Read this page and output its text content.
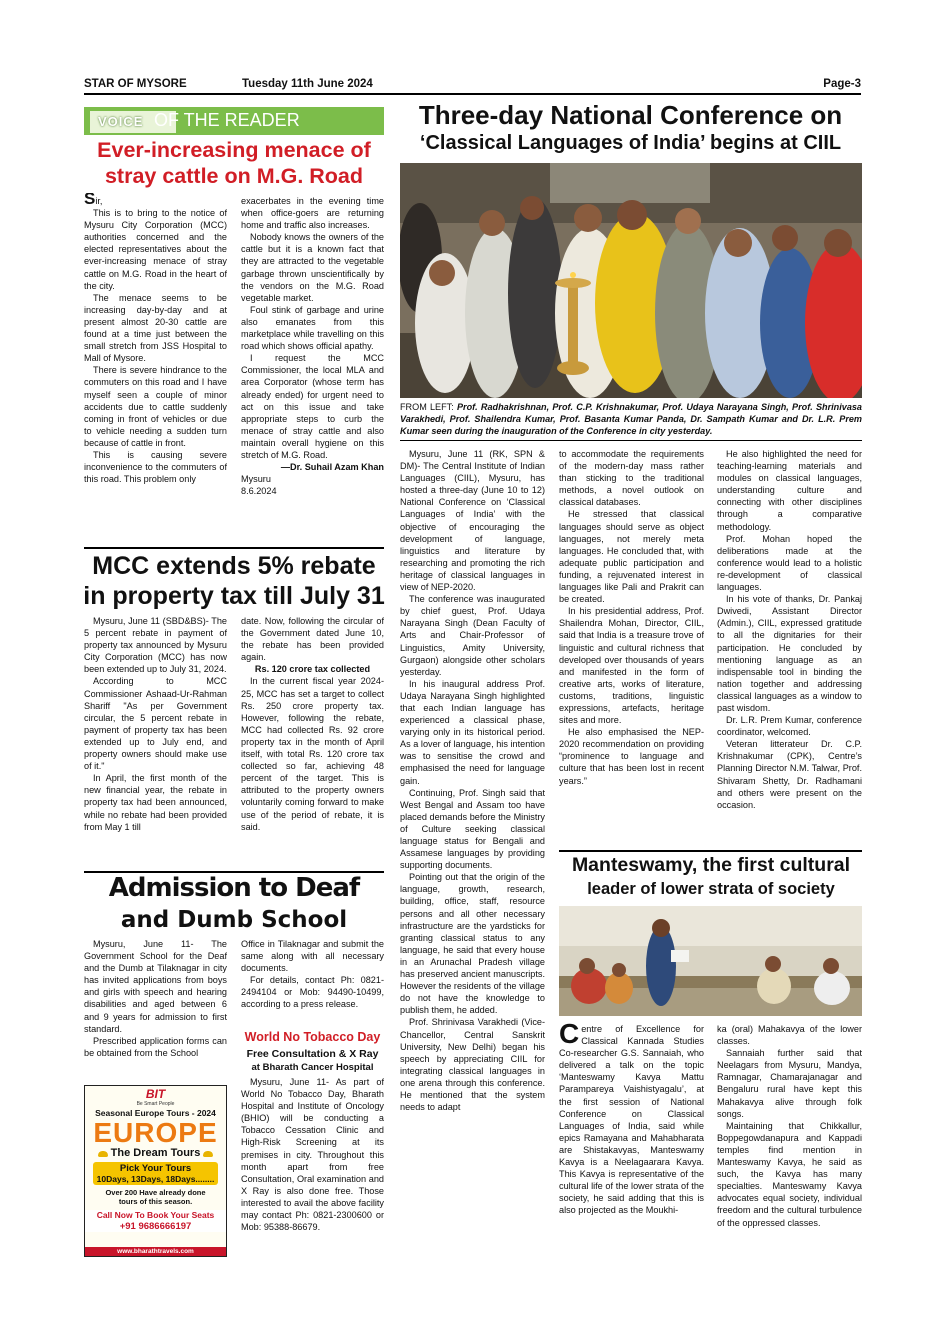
STAR OF MYSORE	Tuesday 11th June 2024	Page-3
VOICE OF THE READER
Ever-increasing menace of
stray cattle on M.G. Road

Sir,

This is to bring to the notice of Mysuru City Corporation (MCC) authorities concerned and the elected representatives about the ever-increasing menace of stray cattle on M.G. Road in the heart of the city.

The menace seems to be increasing day-by-day and at present almost 20-30 cattle are found at a time just between the small stretch from JSS Hospital to Mall of Mysore.

There is severe hindrance to the commuters on this road and I have myself seen a couple of minor accidents due to cattle suddenly coming in front of vehicles or due to vehicle needing a sudden turn because of cattle in front.

This is causing severe inconvenience to the commuters of this road. This problem only

exacerbates in the evening time when office-goers are returning home and traffic also increases.

Nobody knows the owners of the cattle but it is a known fact that they are attracted to the vegetable garbage thrown unscientifically by the vendors on the M.G. Road vegetable market.

Foul stink of garbage and urine also emanates from this marketplace while travelling on this road which shows official apathy.

I request the MCC Commissioner, the local MLA and area Corporator (whose term has already ended) for urgent need to act on this issue and take appropriate steps to curb the menace of stray cattle and also maintain overall hygiene on this stretch of M.G. Road.

—Dr. Suhail Azam Khan

Mysuru

8.6.2024

MCC extends 5% rebate
in property tax till July 31

Mysuru, June 11 (SBD&BS)- The 5 percent rebate in payment of property tax announced by Mysuru City Corporation (MCC) has now been extended up to July 31, 2024.

According to MCC Commissioner Ashaad-Ur-Rahman Shariff "As per Government circular, the 5 percent rebate in payment of property tax has been extended up to July end, and property owners should make use of it."

In April, the first month of the new financial year, the rebate in property tax had been announced, while no rebate had been provided from May 1 till

date. Now, following the circular of the Government dated June 10, the rebate has been provided again.

Rs. 120 crore tax collected

In the current fiscal year 2024-25, MCC has set a target to collect Rs. 250 crore property tax. However, following the rebate, MCC had collected Rs. 92 crore property tax in the month of April itself, with total Rs. 120 crore tax collected so far, achieving 48 percent of the target. This is attributed to the property owners voluntarily coming forward to make use of the period of rebate, it is said.

Admission to Deaf
and Dumb School

Mysuru, June 11- The Government School for the Deaf and the Dumb at Tilaknagar in city has invited applications from boys and girls with speech and hearing disabilities and aged between 6 and 9 years for admission to first standard.

Prescribed application forms can be obtained from the School

Office in Tilaknagar and submit the same along with all necessary documents.

For details, contact Ph: 0821-2494104 or Mob: 94490-10499, according to a press release.

World No Tobacco Day
Free Consultation & X Ray
at Bharath Cancer Hospital

Mysuru, June 11- As part of World No Tobacco Day, Bharath Hospital and Institute of Oncology (BHIO) will be conducting a Tobacco Cessation Clinic and High-Risk Screening at its premises in city. Throughout this month apart from free Consultation, Oral examination and X Ray is also done free. Those interested to avail the above facility may contact Ph: 0821-2300600 or Mob: 95388-86679.

BIT
Be Smart People
Seasonal Europe Tours - 2024
EUROPE
The Dream Tours
Pick Your Tours
10Days, 13Days, 18Days........
Over 200 Have already done
tours of this season.
Call Now To Book Your Seats
+91 9686666197
www.bharathtravels.com
Three-day National Conference on
‘Classical Languages of India’ begins at CIIL
FROM LEFT: Prof. Radhakrishnan, Prof. C.P. Krishnakumar, Prof. Udaya Narayana Singh, Prof. Shrinivasa Varakhedi, Prof. Shailendra Kumar, Prof. Basanta Kumar Panda, Dr. Sampath Kumar and Dr. L.R. Prem Kumar seen during the inauguration of the Conference in city yesterday.

Mysuru, June 11 (RK, SPN & DM)- The Central Institute of Indian Languages (CIIL), Mysuru, has hosted a three-day (June 10 to 12) National Conference on ‘Classical Languages of India’ with the objective of encouraging the development of language, linguistics and literature by researching and promoting the rich heritage of classical languages in view of NEP-2020.

The conference was inaugurated by chief guest, Prof. Udaya Narayana Singh (Dean Faculty of Arts and Chair-Professor of Linguistics, Amity University, Gurgaon) alongside other scholars yesterday.

In his inaugural address Prof. Udaya Narayana Singh highlighted that each Indian language has experienced a classical phase, varying only in its historical period. As a lover of language, his intention was to sensitise the crowd and emphasised the need for language gain.

Continuing, Prof. Singh said that West Bengal and Assam too have placed demands before the Ministry of Culture seeking classical language status for Bengali and Assamese languages by providing supporting documents.

Pointing out that the origin of the language, growth, research, building, office, staff, resource persons and all other necessary infrastructure are the yardsticks for granting classical status to any language, he said that every house in an Arunachal Pradesh village has preserved ancient manuscripts. However the residents of the village do not have the knowledge to publish them, he added.

Prof. Shrinivasa Varakhedi (Vice-Chancellor, Central Sanskrit University, New Delhi) began his speech by appreciating CIIL for integrating classical languages in one arena through this conference. He mentioned that the system needs to adapt

to accommodate the requirements of the modern-day mass rather than sticking to the traditional methods, a novel outlook on classical databases.

He stressed that classical languages should serve as object languages, not merely meta languages. He concluded that, with adequate public participation and funding, a rejuvenated interest in languages like Pali and Prakrit can be created.

In his presidential address, Prof. Shailendra Mohan, Director, CIIL, said that India is a treasure trove of linguistic and cultural richness that developed over thousands of years and manifested in the form of creative arts, works of literature, customs, traditions, linguistic expressions, artefacts, heritage sites and more.

He also emphasised the NEP-2020 recommendation on providing “prominence to language and culture that has been lost in recent years.”

He also highlighted the need for teaching-learning materials and modules on classical languages, understanding culture and connecting with other disciplines through a comparative methodology.

Prof. Mohan hoped the deliberations made at the conference would lead to a holistic re-development of classical languages.

In his vote of thanks, Dr. Pankaj Dwivedi, Assistant Director (Admin.), CIIL, expressed gratitude to all the dignitaries for their participation. He concluded by mentioning language as an indispensable tool in binding the nation together and addressing classical languages as a window to past wisdom.

Dr. L.R. Prem Kumar, conference coordinator, welcomed.

Veteran litterateur Dr. C.P. Krishnakumar (CPK), Centre’s Planning Director N.M. Talwar, Prof. Shivaram Shetty, Dr. Radhamani and others were present on the occasion.

Manteswamy, the first cultural
leader of lower strata of society

Centre of Excellence for Classical Kannada Studies Co-researcher G.S. Sannaiah, who delivered a talk on the topic ‘Manteswamy Kavya Mattu Parampareya Vaishistyagalu’, at the first session of National Conference on Classical Languages of India, said while epics Ramayana and Mahabharata are Shistakavyas, Manteswamy Kavya is a Neelagaarara Kavya. This Kavya is representative of the cultural life of the lower strata of the society, he said adding that this is also projected as the Moukhi-

ka (oral) Mahakavya of the lower classes.

Sannaiah further said that Neelagars from Mysuru, Mandya, Ramnagar, Chamarajanagar and Bengaluru rural have kept this Mahakavya alive through folk songs.

Maintaining that Chikkallur, Boppegowdanapura and Kappadi temples find mention in Manteswamy Kavya, he said as such, the Kavya has many specialties. Manteswamy Kavya advocates equal society, individual freedom and the cultural turbulence of the oppressed classes.
